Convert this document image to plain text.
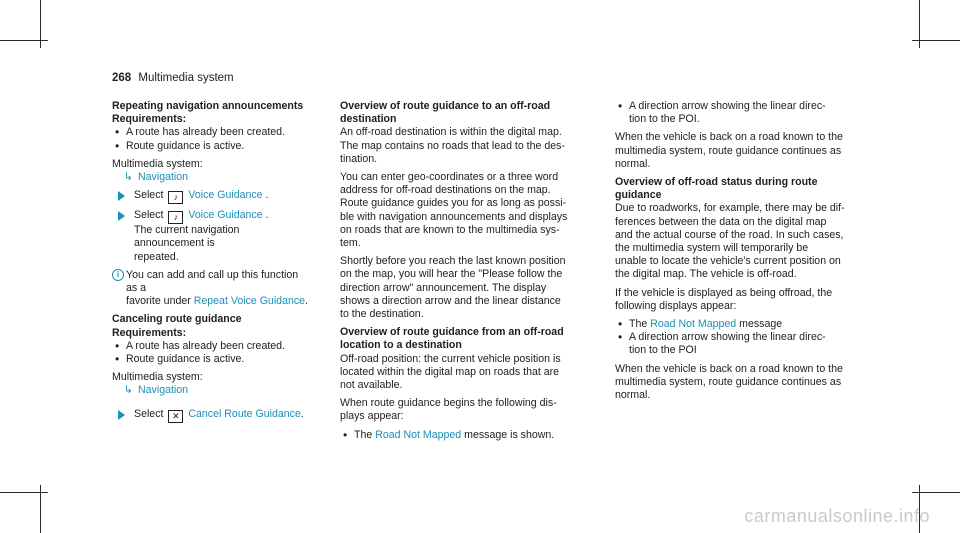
268 Multimedia system

Repeating navigation announcements

Requirements:

• A route has already been created.

• Route guidance is active.

Multimedia system:

↳ Navigation

Select ♪ Voice Guidance .

Select ♪ Voice Guidance .

The current navigation announcement is

repeated.

i You can add and call up this function as a

favorite under Repeat Voice Guidance.

Canceling route guidance

Requirements:

• A route has already been created.

• Route guidance is active.

Multimedia system:

↳ Navigation

Select ✕ Cancel Route Guidance.

Overview of route guidance to an off-road

destination

An off-road destination is within the digital map.

The map contains no roads that lead to the des-

tination.

You can enter geo-coordinates or a three word

address for off-road destinations on the map.

Route guidance guides you for as long as possi-

ble with navigation announcements and displays

on roads that are known to the multimedia sys-

tem.

Shortly before you reach the last known position

on the map, you will hear the "Please follow the

direction arrow" announcement. The display

shows a direction arrow and the linear distance

to the destination.

Overview of route guidance from an off-road

location to a destination

Off-road position: the current vehicle position is

located within the digital map on roads that are

not available.

When route guidance begins the following dis-

plays appear:

• The Road Not Mapped message is shown.

• A direction arrow showing the linear direc-

tion to the POI.

When the vehicle is back on a road known to the

multimedia system, route guidance continues as

normal.

Overview of off-road status during route

guidance

Due to roadworks, for example, there may be dif-

ferences between the data on the digital map

and the actual course of the road. In such cases,

the multimedia system will temporarily be

unable to locate the vehicle's current position on

the digital map. The vehicle is off-road.

If the vehicle is displayed as being offroad, the

following displays appear:

• The Road Not Mapped message

• A direction arrow showing the linear direc-

tion to the POI

When the vehicle is back on a road known to the

multimedia system, route guidance continues as

normal.

carmanualsonline.info
